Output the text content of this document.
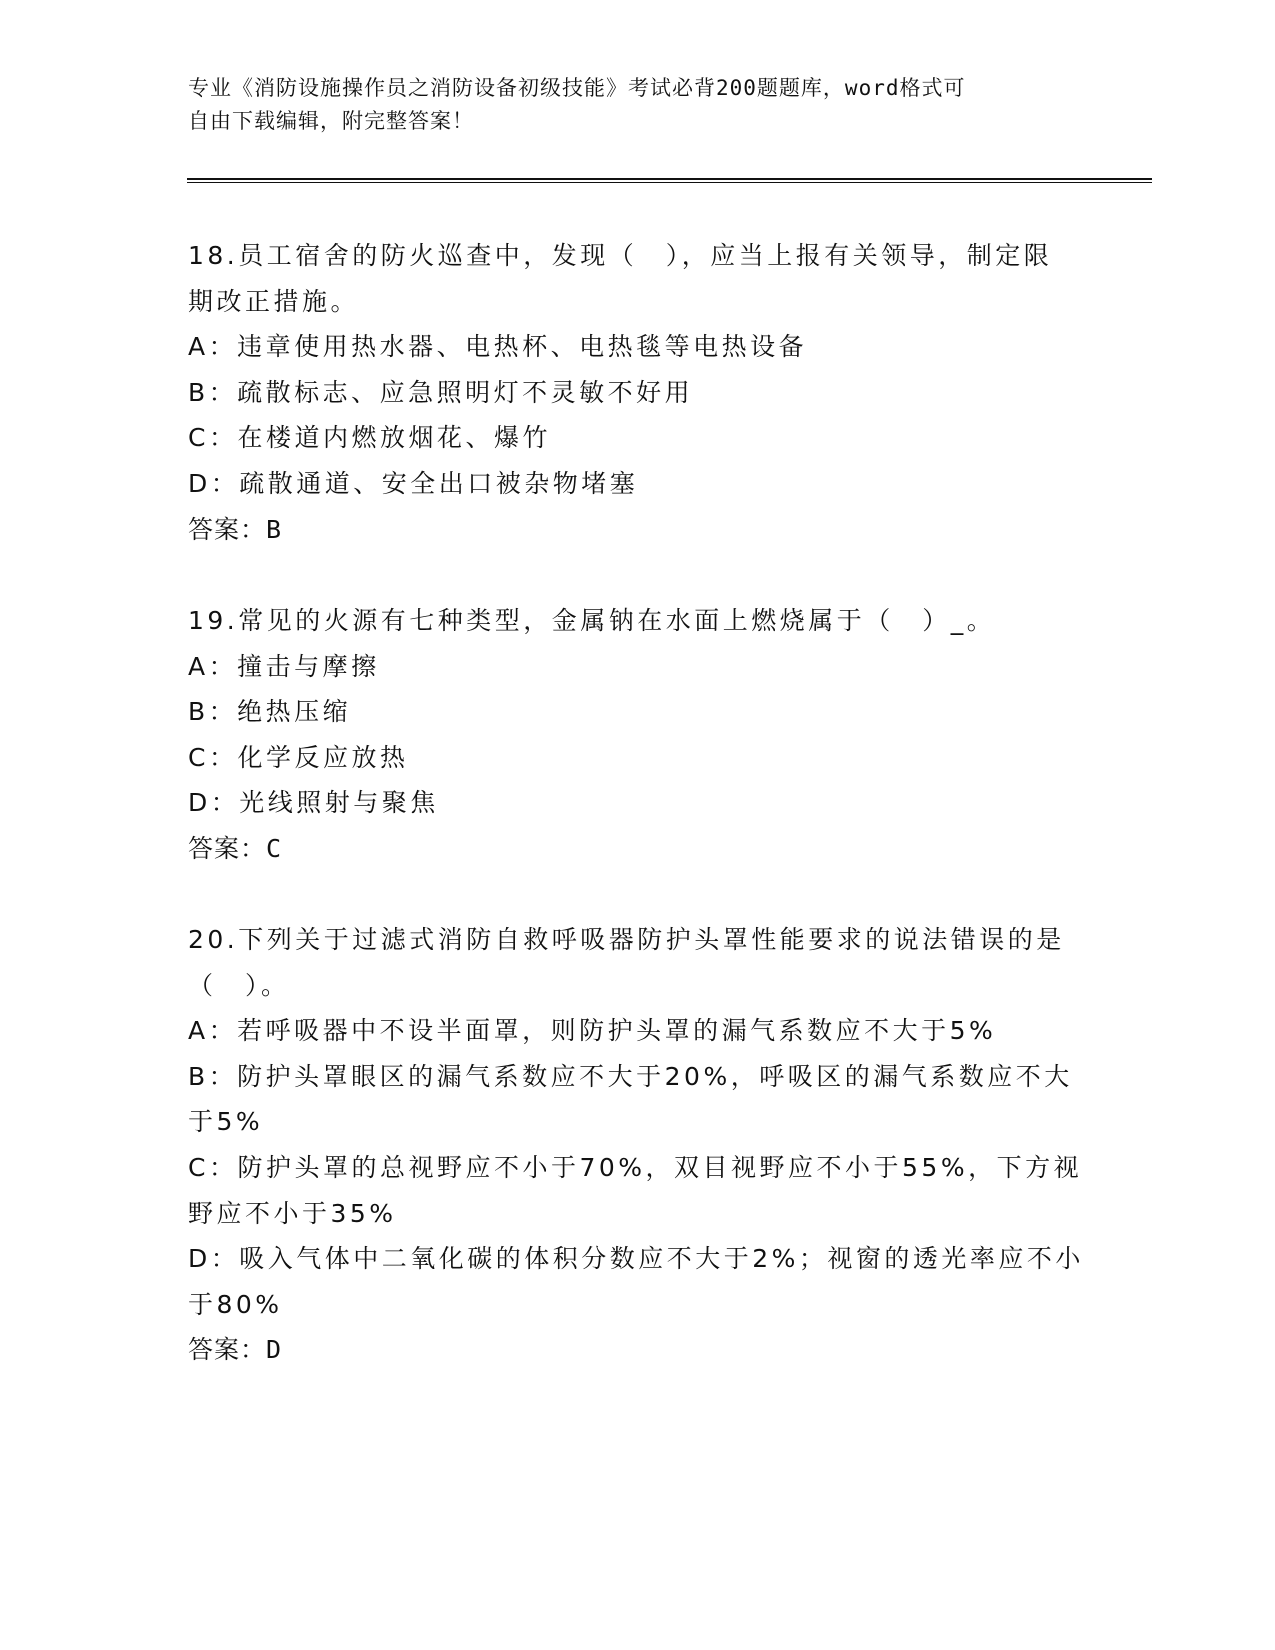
专业《消防设施操作员之消防设备初级技能》考试必背200题题库，word格式可

自由下载编辑，附完整答案！

18.员工宿舍的防火巡查中，发现（　），应当上报有关领导，制定限

期改正措施。

A：违章使用热水器、电热杯、电热毯等电热设备

B：疏散标志、应急照明灯不灵敏不好用

C：在楼道内燃放烟花、爆竹

D：疏散通道、安全出口被杂物堵塞

答案：B

19.常见的火源有七种类型，金属钠在水面上燃烧属于（　）_。

A：撞击与摩擦

B：绝热压缩

C：化学反应放热

D：光线照射与聚焦

答案：C

20.下列关于过滤式消防自救呼吸器防护头罩性能要求的说法错误的是

（　）。

A：若呼吸器中不设半面罩，则防护头罩的漏气系数应不大于5%

B：防护头罩眼区的漏气系数应不大于20%，呼吸区的漏气系数应不大

于5%

C：防护头罩的总视野应不小于70%，双目视野应不小于55%，下方视

野应不小于35%

D：吸入气体中二氧化碳的体积分数应不大于2%；视窗的透光率应不小

于80%

答案：D
